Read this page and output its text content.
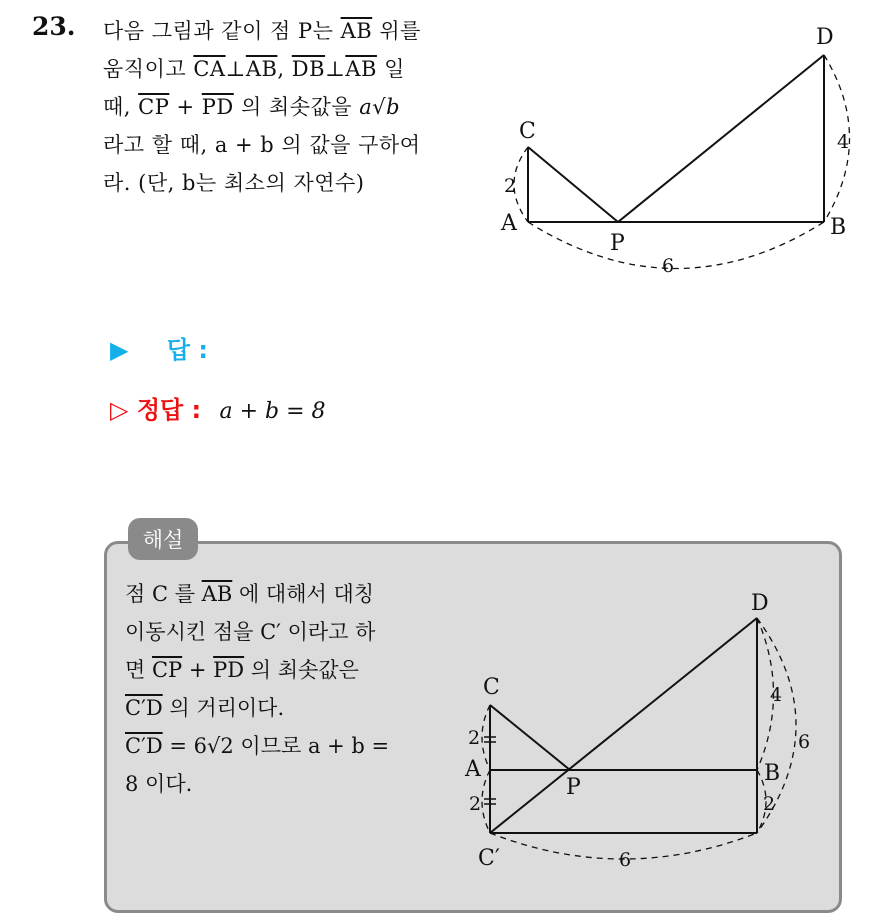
23. 다음 그림과 같이 점 P는 $\overline{AB}$ 위를
움직이고 $\overline{CA}\perp\overline{AB}$, $\overline{DB}\perp\overline{AB}$ 일
때, $\overline{CP} + \overline{PD}$ 의 최솟값을 a√b
라고 할 때, a + b 의 값을 구하여
라. (단, b는 최소의 자연수)
C
A
P
B
D
2
4
6
▶ 답 :
▷ 정답 : a + b = 8
해설
점 C 를 $\overline{AB}$ 에 대해서 대칭
이동시킨 점을 C′ 이라고 하
면 $\overline{CP} + \overline{PD}$ 의 최솟값은
C′D 의 거리이다.
C′D = 6√2 이므로 a + b =
8 이다.
C
A
P
B
D
C′
2
2
4
2
6
6
